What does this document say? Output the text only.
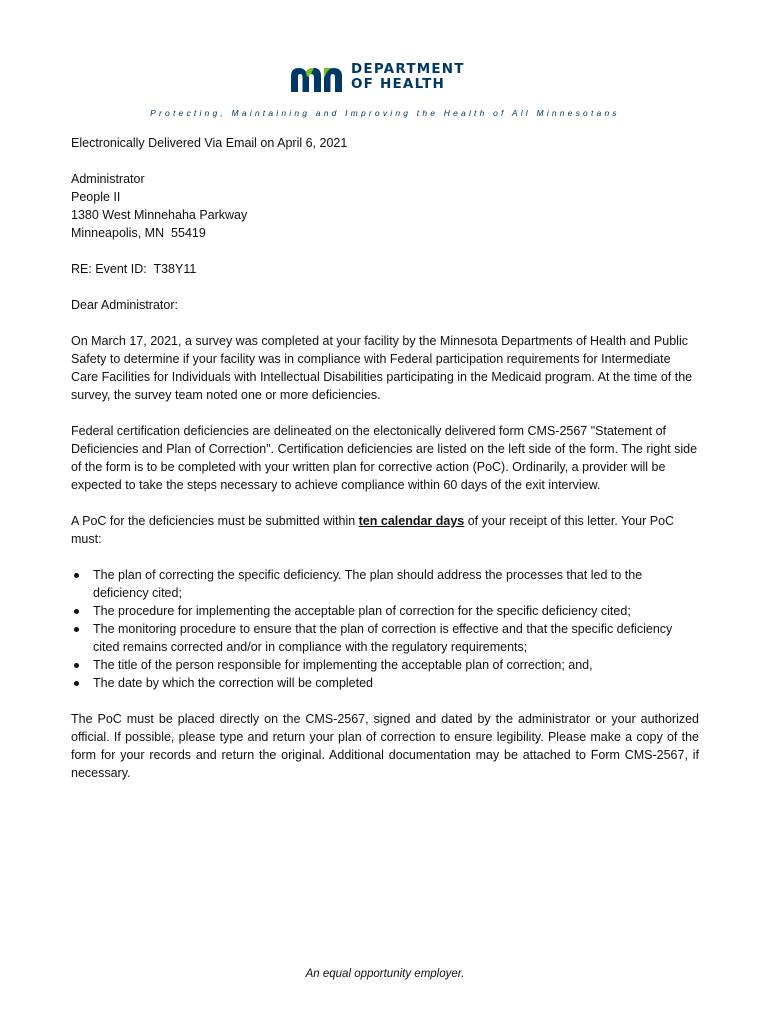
DEPARTMENT
OF HEALTH
Protecting, Maintaining and Improving the Health of All Minnesotans

Electronically Delivered Via Email on April 6, 2021

Administrator

People II

1380 West Minnehaha Parkway

Minneapolis, MN  55419

RE: Event ID:  T38Y11

Dear Administrator:

On March 17, 2021, a survey was completed at your facility by the Minnesota Departments of Health and Public Safety to determine if your facility was in compliance with Federal participation requirements for Intermediate Care Facilities for Individuals with Intellectual Disabilities participating in the Medicaid program. At the time of the survey, the survey team noted one or more deficiencies.

Federal certification deficiencies are delineated on the electonically delivered form CMS-2567 "Statement of Deficiencies and Plan of Correction". Certification deficiencies are listed on the left side of the form. The right side of the form is to be completed with your written plan for corrective action (PoC). Ordinarily, a provider will be expected to take the steps necessary to achieve compliance within 60 days of the exit interview.

A PoC for the deficiencies must be submitted within ten calendar days of your receipt of this letter. Your PoC must:

The plan of correcting the specific deficiency. The plan should address the processes that led to the deficiency cited;
The procedure for implementing the acceptable plan of correction for the specific deficiency cited;
The monitoring procedure to ensure that the plan of correction is effective and that the specific deficiency cited remains corrected and/or in compliance with the regulatory requirements;
The title of the person responsible for implementing the acceptable plan of correction; and,
The date by which the correction will be completed

The PoC must be placed directly on the CMS-2567, signed and dated by the administrator or your authorized official. If possible, please type and return your plan of correction to ensure legibility. Please make a copy of the form for your records and return the original. Additional documentation may be attached to Form CMS-2567, if necessary.

An equal opportunity employer.
